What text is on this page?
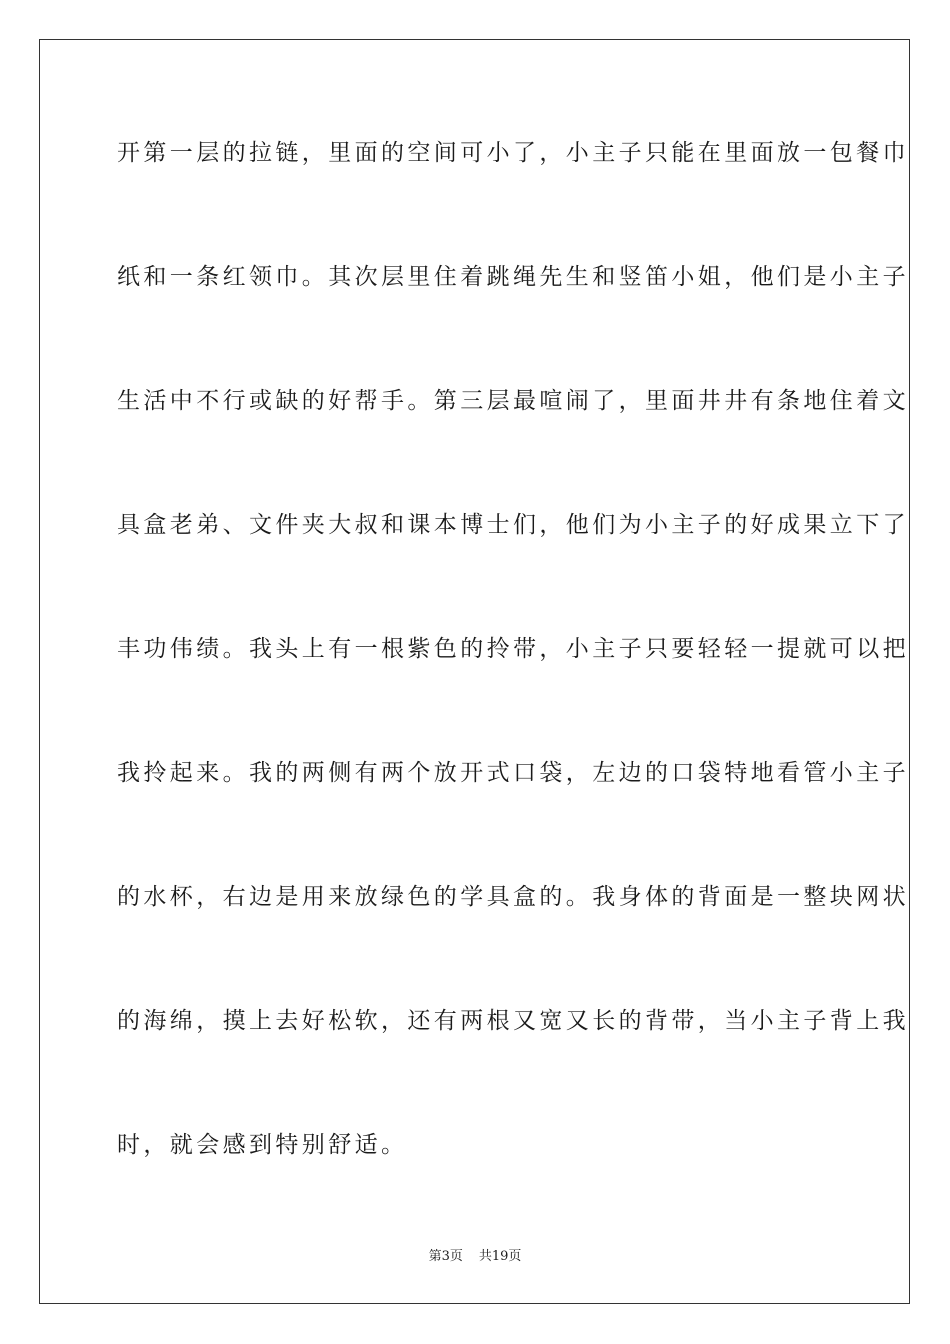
开第一层的拉链，里面的空间可小了，小主子只能在里面放一包餐巾
纸和一条红领巾。其次层里住着跳绳先生和竖笛小姐，他们是小主子
生活中不行或缺的好帮手。第三层最喧闹了，里面井井有条地住着文
具盒老弟、文件夹大叔和课本博士们，他们为小主子的好成果立下了
丰功伟绩。我头上有一根紫色的拎带，小主子只要轻轻一提就可以把
我拎起来。我的两侧有两个放开式口袋，左边的口袋特地看管小主子
的水杯，右边是用来放绿色的学具盒的。我身体的背面是一整块网状
的海绵，摸上去好松软，还有两根又宽又长的背带，当小主子背上我
时，就会感到特别舒适。
第3页 共19页
